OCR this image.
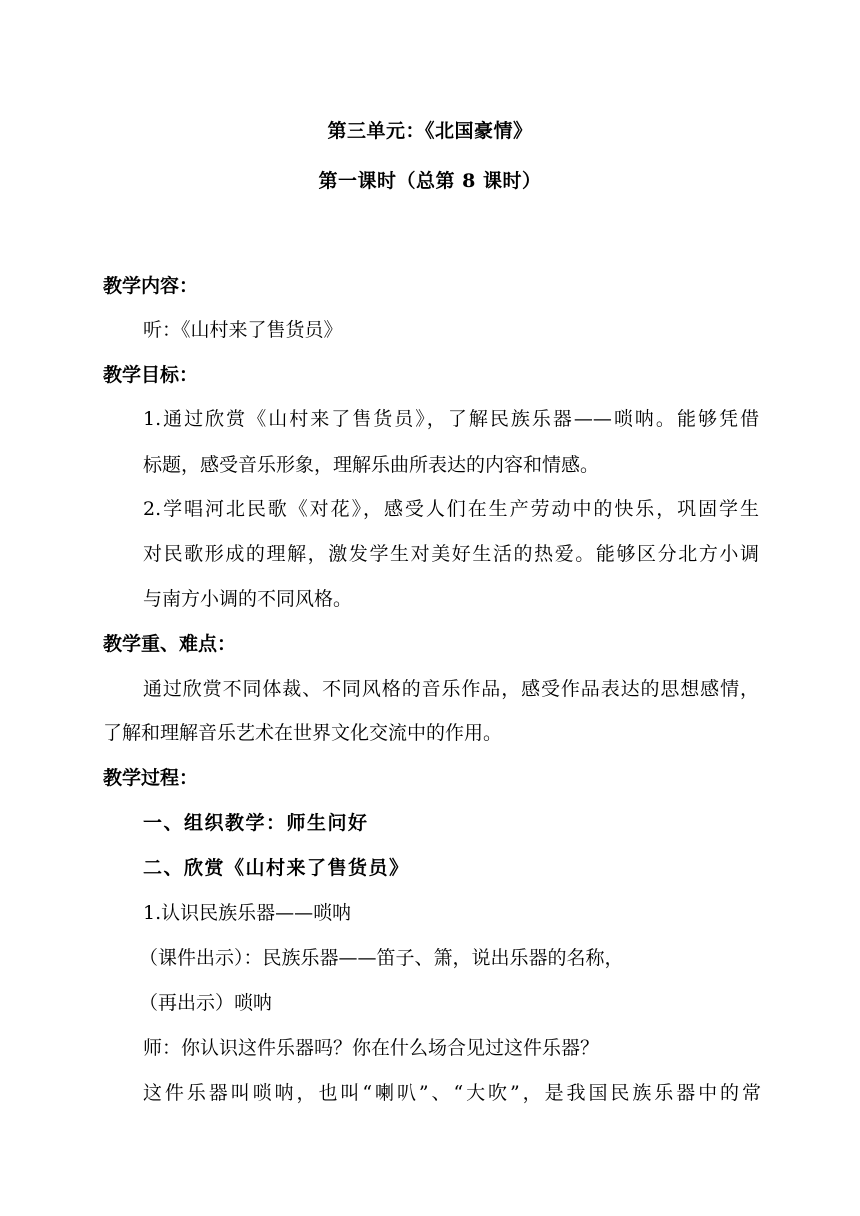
第三单元：《北国豪情》
第一课时（总第 8 课时）
教学内容：
听：《山村来了售货员》
教学目标：
1.通过欣赏《山村来了售货员》，了解民族乐器——唢呐。能够凭借
标题，感受音乐形象，理解乐曲所表达的内容和情感。
2.学唱河北民歌《对花》，感受人们在生产劳动中的快乐，巩固学生
对民歌形成的理解，激发学生对美好生活的热爱。能够区分北方小调
与南方小调的不同风格。
教学重、难点：
通过欣赏不同体裁、不同风格的音乐作品，感受作品表达的思想感情，
了解和理解音乐艺术在世界文化交流中的作用。
教学过程：
一、组织教学：师生问好
二、欣赏《山村来了售货员》
1.认识民族乐器——唢呐
（课件出示）：民族乐器——笛子、箫，说出乐器的名称，
（再出示）唢呐
师：你认识这件乐器吗？你在什么场合见过这件乐器？
这件乐器叫唢呐，也叫“喇叭”、“大吹”，是我国民族乐器中的常
